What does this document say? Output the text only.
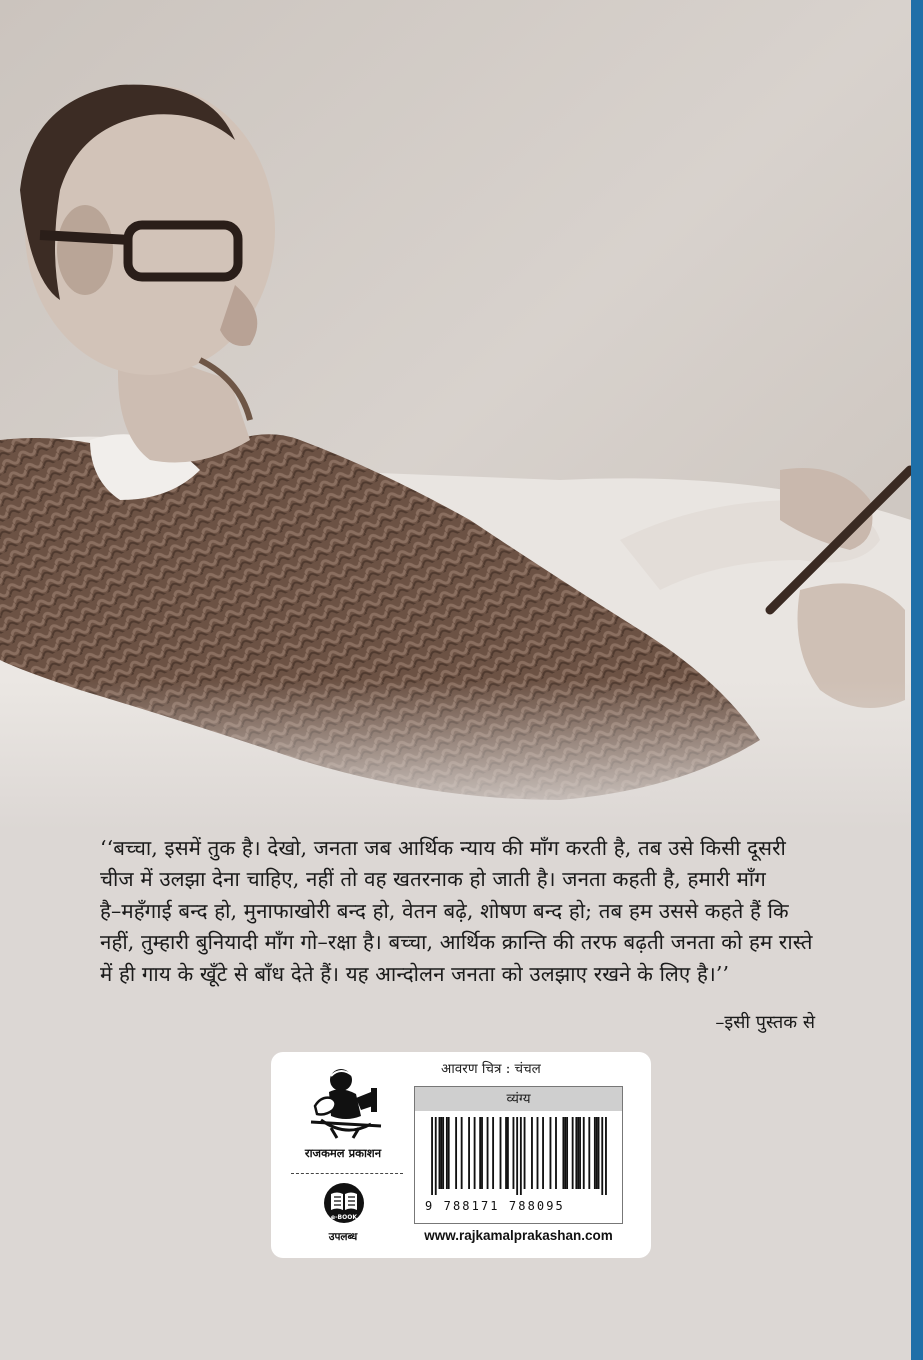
‘‘बच्चा, इसमें तुक है। देखो, जनता जब आर्थिक न्याय की माँग करती है, तब उसे किसी दूसरी
चीज में उलझा देना चाहिए, नहीं तो वह खतरनाक हो जाती है। जनता कहती है, हमारी माँग
है–महँगाई बन्द हो, मुनाफाखोरी बन्द हो, वेतन बढ़े, शोषण बन्द हो; तब हम उससे कहते हैं कि
नहीं, तुम्हारी बुनियादी माँग गो–रक्षा है। बच्चा, आर्थिक क्रान्ति की तरफ बढ़ती जनता को हम रास्ते
में ही गाय के खूँटे से बाँध देते हैं। यह आन्दोलन जनता को उलझाए रखने के लिए है।’’
–इसी पुस्तक से
आवरण चित्र : चंचल
राजकमल प्रकाशन
e-BOOK
उपलब्ध
व्यंग्य
9 788171 788095
www.rajkamalprakashan.com
